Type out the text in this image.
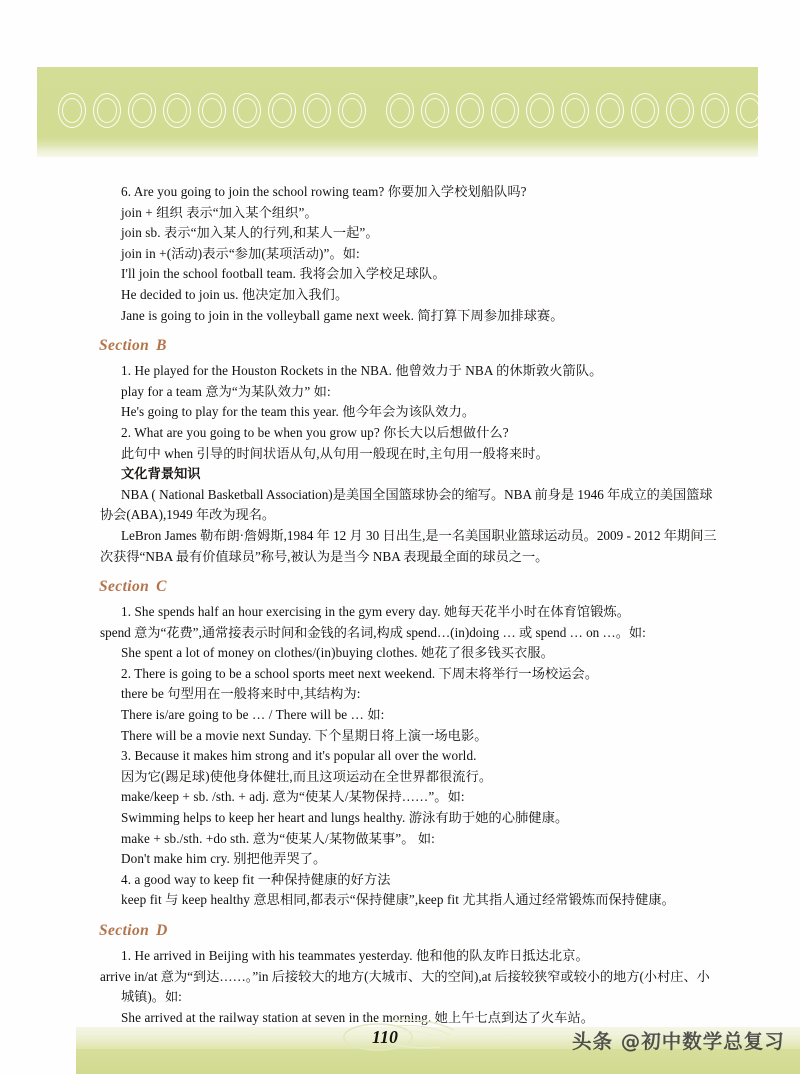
6. Are you going to join the school rowing team? 你要加入学校划船队吗?
join + 组织 表示“加入某个组织”。
join sb. 表示“加入某人的行列,和某人一起”。
join in +(活动)表示“参加(某项活动)”。如:
I'll join the school football team. 我将会加入学校足球队。
He decided to join us. 他决定加入我们。
Jane is going to join in the volleyball game next week. 简打算下周参加排球赛。
Section B
1. He played for the Houston Rockets in the NBA. 他曾效力于 NBA 的休斯敦火箭队。
play for a team 意为“为某队效力” 如:
He's going to play for the team this year. 他今年会为该队效力。
2. What are you going to be when you grow up? 你长大以后想做什么?
此句中 when 引导的时间状语从句,从句用一般现在时,主句用一般将来时。
文化背景知识
NBA ( National Basketball Association)是美国全国篮球协会的缩写。NBA 前身是 1946 年成立的美国篮球协会(ABA),1949 年改为现名。
LeBron James 勒布朗·詹姆斯,1984 年 12 月 30 日出生,是一名美国职业篮球运动员。2009 - 2012 年期间三次获得“NBA 最有价值球员”称号,被认为是当今 NBA 表现最全面的球员之一。
Section C
1. She spends half an hour exercising in the gym every day. 她每天花半小时在体育馆锻炼。
spend 意为“花费”,通常接表示时间和金钱的名词,构成 spend…(in)doing … 或 spend … on …。如:
She spent a lot of money on clothes/(in)buying clothes. 她花了很多钱买衣服。
2. There is going to be a school sports meet next weekend. 下周末将举行一场校运会。
there be 句型用在一般将来时中,其结构为:
There is/are going to be … / There will be … 如:
There will be a movie next Sunday. 下个星期日将上演一场电影。
3. Because it makes him strong and it's popular all over the world.
因为它(踢足球)使他身体健壮,而且这项运动在全世界都很流行。
make/keep + sb. /sth. + adj. 意为“使某人/某物保持……”。如:
Swimming helps to keep her heart and lungs healthy. 游泳有助于她的心肺健康。
make + sb./sth. +do sth. 意为“使某人/某物做某事”。 如:
Don't make him cry. 别把他弄哭了。
4. a good way to keep fit 一种保持健康的好方法
keep fit 与 keep healthy 意思相同,都表示“保持健康”,keep fit 尤其指人通过经常锻炼而保持健康。
Section D
1. He arrived in Beijing with his teammates yesterday. 他和他的队友昨日抵达北京。
arrive in/at 意为“到达……。”in 后接较大的地方(大城市、大的空间),at 后接较狭窄或较小的地方(小村庄、小城镇)。如:
She arrived at the railway station at seven in the morning. 她上午七点到达了火车站。
110	头条 @初中数学总复习
